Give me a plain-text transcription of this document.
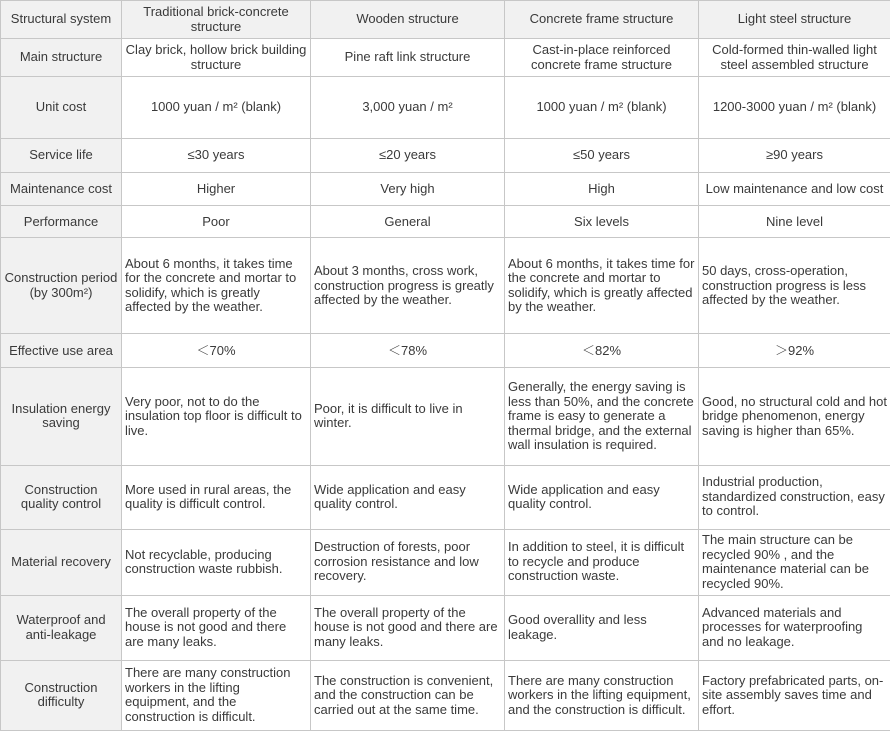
Structural system	Traditional brick-concrete structure	Wooden structure	Concrete frame structure	Light steel structure
Main structure	Clay brick, hollow brick building structure	Pine raft link structure	Cast-in-place reinforced concrete frame structure	Cold-formed thin-walled light steel assembled structure
Unit cost	1000 yuan / m² (blank)	3,000 yuan / m²	1000 yuan / m² (blank)	1200-3000 yuan / m² (blank)
Service life	≤30 years	≤20 years	≤50 years	≥90 years
Maintenance cost	Higher	Very high	High	Low maintenance and low cost
Performance	Poor	General	Six levels	Nine level
Construction period (by 300m²)	About 6 months, it takes time for the concrete and mortar to solidify, which is greatly affected by the weather.	About 3 months, cross work, construction progress is greatly affected by the weather.	About 6 months, it takes time for the concrete and mortar to solidify, which is greatly affected by the weather.	50 days, cross-operation, construction progress is less affected by the weather.
Effective use area	＜70%	＜78%	＜82%	＞92%
Insulation energy saving	Very poor, not to do the insulation top floor is difficult to live.	Poor, it is difficult to live in winter.	Generally, the energy saving is less than 50%, and the concrete frame is easy to generate a thermal bridge, and the external wall insulation is required.	Good, no structural cold and hot bridge phenomenon, energy saving is higher than 65%.
Construction quality control	More used in rural areas, the quality is difficult control.	Wide application and easy quality control.	Wide application and easy quality control.	Industrial production, standardized construction, easy to control.
Material recovery	Not recyclable, producing construction waste rubbish.	Destruction of forests, poor corrosion resistance and low recovery.	In addition to steel, it is difficult to recycle and produce construction waste.	The main structure can be recycled 90% , and the maintenance material can be recycled 90%.
Waterproof and anti-leakage	The overall property of the house is not good and there are many leaks.	The overall property of the house is not good and there are many leaks.	Good overallity and less leakage.	Advanced materials and processes for waterproofing and no leakage.
Construction difficulty	There are many construction workers in the lifting equipment, and the construction is difficult.	The construction is convenient, and the construction can be carried out at the same time.	There are many construction workers in the lifting equipment, and the construction is difficult.	Factory prefabricated parts, on-site assembly saves time and effort.
